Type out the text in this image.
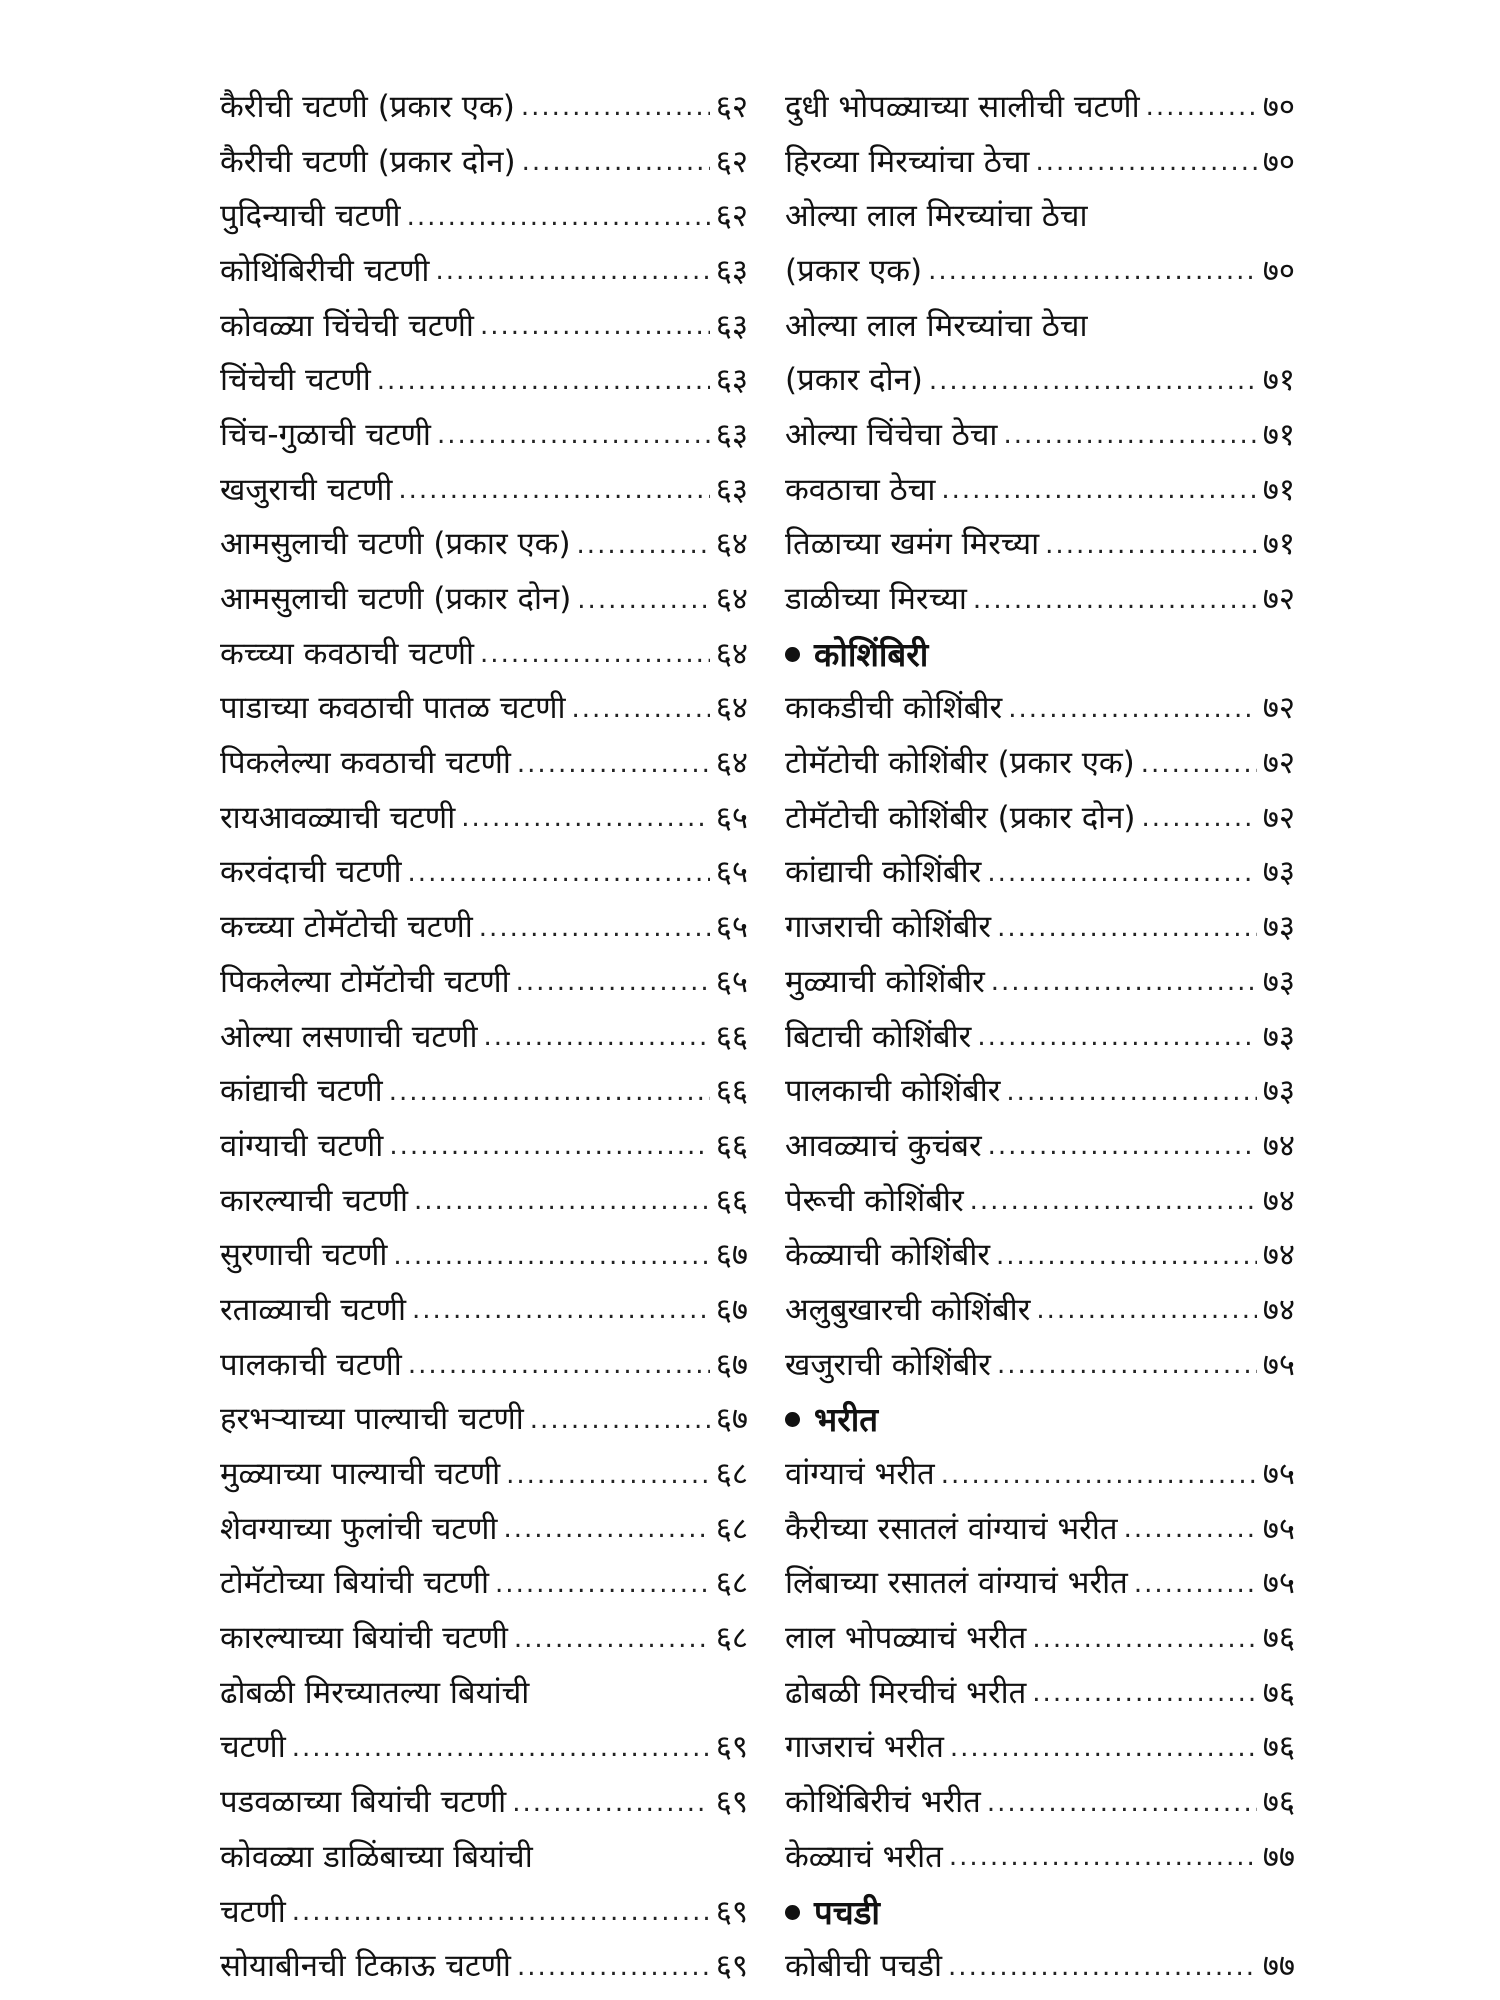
कैरीची चटणी (प्रकार एक) .....	६२
कैरीची चटणी (प्रकार दोन) .....	६२
पुदिन्याची चटणी .....	६२
कोथिंबिरीची चटणी .....	६३
कोवळ्या चिंचेची चटणी .....	६३
चिंचेची चटणी .....	६३
चिंच-गुळाची चटणी .....	६३
खजुराची चटणी .....	६३
आमसुलाची चटणी (प्रकार एक) .....	६४
आमसुलाची चटणी (प्रकार दोन) .....	६४
कच्च्या कवठाची चटणी .....	६४
पाडाच्या कवठाची पातळ चटणी .....	६४
पिकलेल्या कवठाची चटणी .....	६४
रायआवळ्याची चटणी .....	६५
करवंदाची चटणी .....	६५
कच्च्या टोमॅटोची चटणी .....	६५
पिकलेल्या टोमॅटोची चटणी .....	६५
ओल्या लसणाची चटणी .....	६६
कांद्याची चटणी .....	६६
वांग्याची चटणी .....	६६
कारल्याची चटणी .....	६६
सुरणाची चटणी .....	६७
रताळ्याची चटणी .....	६७
पालकाची चटणी .....	६७
हरभऱ्याच्या पाल्याची चटणी .....	६७
मुळ्याच्या पाल्याची चटणी .....	६८
शेवग्याच्या फुलांची चटणी .....	६८
टोमॅटोच्या बियांची चटणी .....	६८
कारल्याच्या बियांची चटणी .....	६८
ढोबळी मिरच्यातल्या बियांची
चटणी .....	६९
पडवळाच्या बियांची चटणी .....	६९
कोवळ्या डाळिंबाच्या बियांची
चटणी .....	६९
सोयाबीनची टिकाऊ चटणी .....	६९
दुधी भोपळ्याच्या सालीची चटणी .....	७०
हिरव्या मिरच्यांचा ठेचा .....	७०
ओल्या लाल मिरच्यांचा ठेचा
(प्रकार एक) .....	७०
ओल्या लाल मिरच्यांचा ठेचा
(प्रकार दोन) .....	७१
ओल्या चिंचेचा ठेचा .....	७१
कवठाचा ठेचा .....	७१
तिळाच्या खमंग मिरच्या .....	७१
डाळीच्या मिरच्या .....	७२
कोशिंबिरी
काकडीची कोशिंबीर .....	७२
टोमॅटोची कोशिंबीर (प्रकार एक) .....	७२
टोमॅटोची कोशिंबीर (प्रकार दोन) .....	७२
कांद्याची कोशिंबीर .....	७३
गाजराची कोशिंबीर .....	७३
मुळ्याची कोशिंबीर .....	७३
बिटाची कोशिंबीर .....	७३
पालकाची कोशिंबीर .....	७३
आवळ्याचं कुचंबर .....	७४
पेरूची कोशिंबीर .....	७४
केळ्याची कोशिंबीर .....	७४
अलुबुखारची कोशिंबीर .....	७४
खजुराची कोशिंबीर .....	७५
भरीत
वांग्याचं भरीत .....	७५
कैरीच्या रसातलं वांग्याचं भरीत .....	७५
लिंबाच्या रसातलं वांग्याचं भरीत .....	७५
लाल भोपळ्याचं भरीत .....	७६
ढोबळी मिरचीचं भरीत .....	७६
गाजराचं भरीत .....	७६
कोथिंबिरीचं भरीत .....	७६
केळ्याचं भरीत .....	७७
पचडी
कोबीची पचडी .....	७७
